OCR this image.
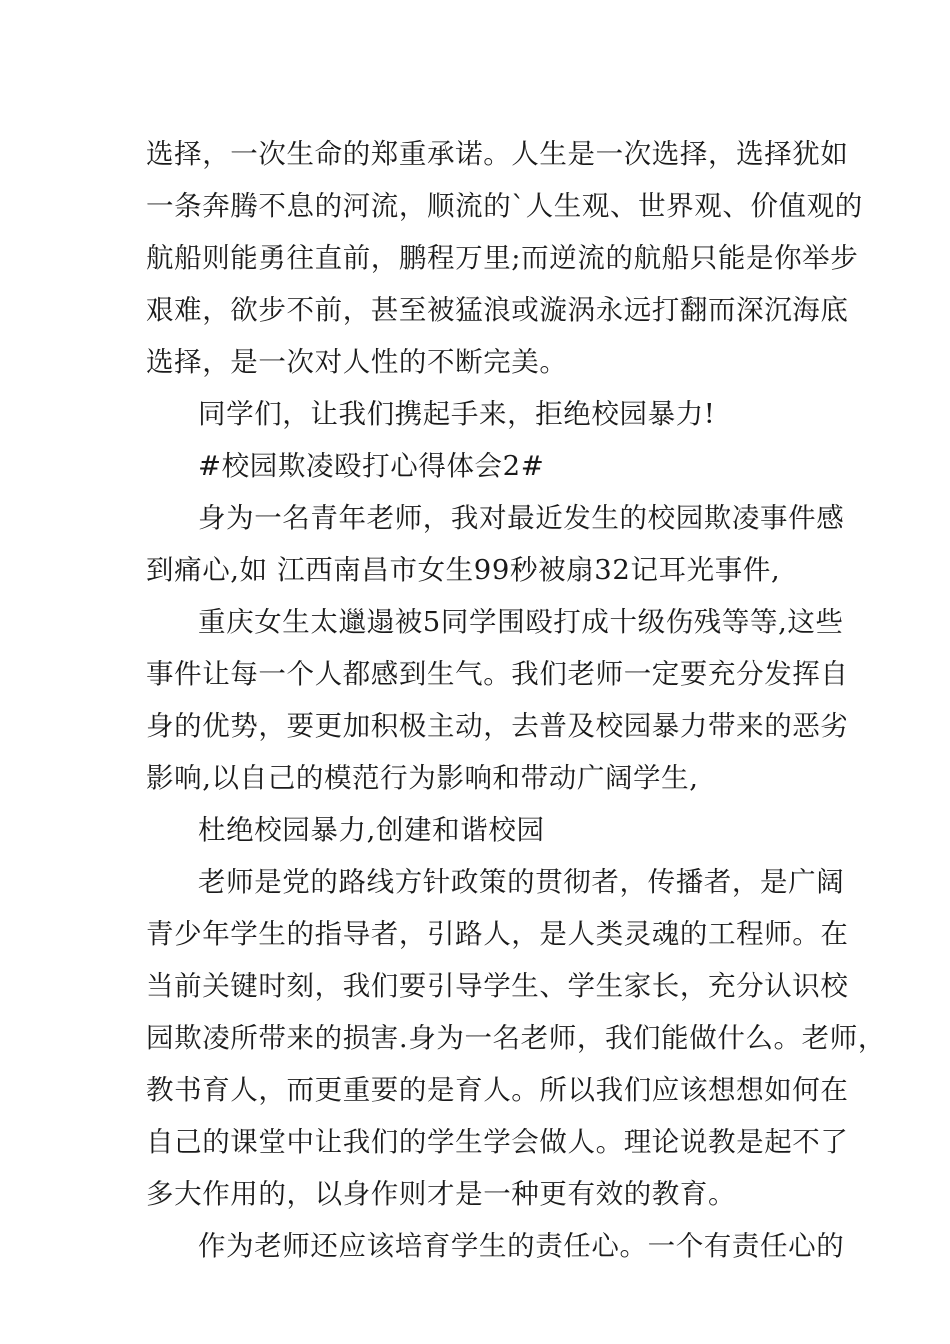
选择，一次生命的郑重承诺。人生是一次选择，选择犹如
一条奔腾不息的河流，顺流的`人生观、世界观、价值观的
航船则能勇往直前，鹏程万里;而逆流的航船只能是你举步
艰难，欲步不前，甚至被猛浪或漩涡永远打翻而深沉海底
选择，是一次对人性的不断完美。
同学们，让我们携起手来，拒绝校园暴力!
#校园欺凌殴打心得体会2#
身为一名青年老师，我对最近发生的校园欺凌事件感
到痛心,如 江西南昌市女生99秒被扇32记耳光事件,
重庆女生太邋遢被5同学围殴打成十级伤残等等,这些
事件让每一个人都感到生气。我们老师一定要充分发挥自
身的优势，要更加积极主动，去普及校园暴力带来的恶劣
影响,以自己的模范行为影响和带动广阔学生,
杜绝校园暴力,创建和谐校园
老师是党的路线方针政策的贯彻者，传播者，是广阔
青少年学生的指导者，引路人，是人类灵魂的工程师。在
当前关键时刻，我们要引导学生、学生家长，充分认识校
园欺凌所带来的损害.身为一名老师，我们能做什么。老师，
教书育人，而更重要的是育人。所以我们应该想想如何在
自己的课堂中让我们的学生学会做人。理论说教是起不了
多大作用的，以身作则才是一种更有效的教育。
作为老师还应该培育学生的责任心。一个有责任心的
